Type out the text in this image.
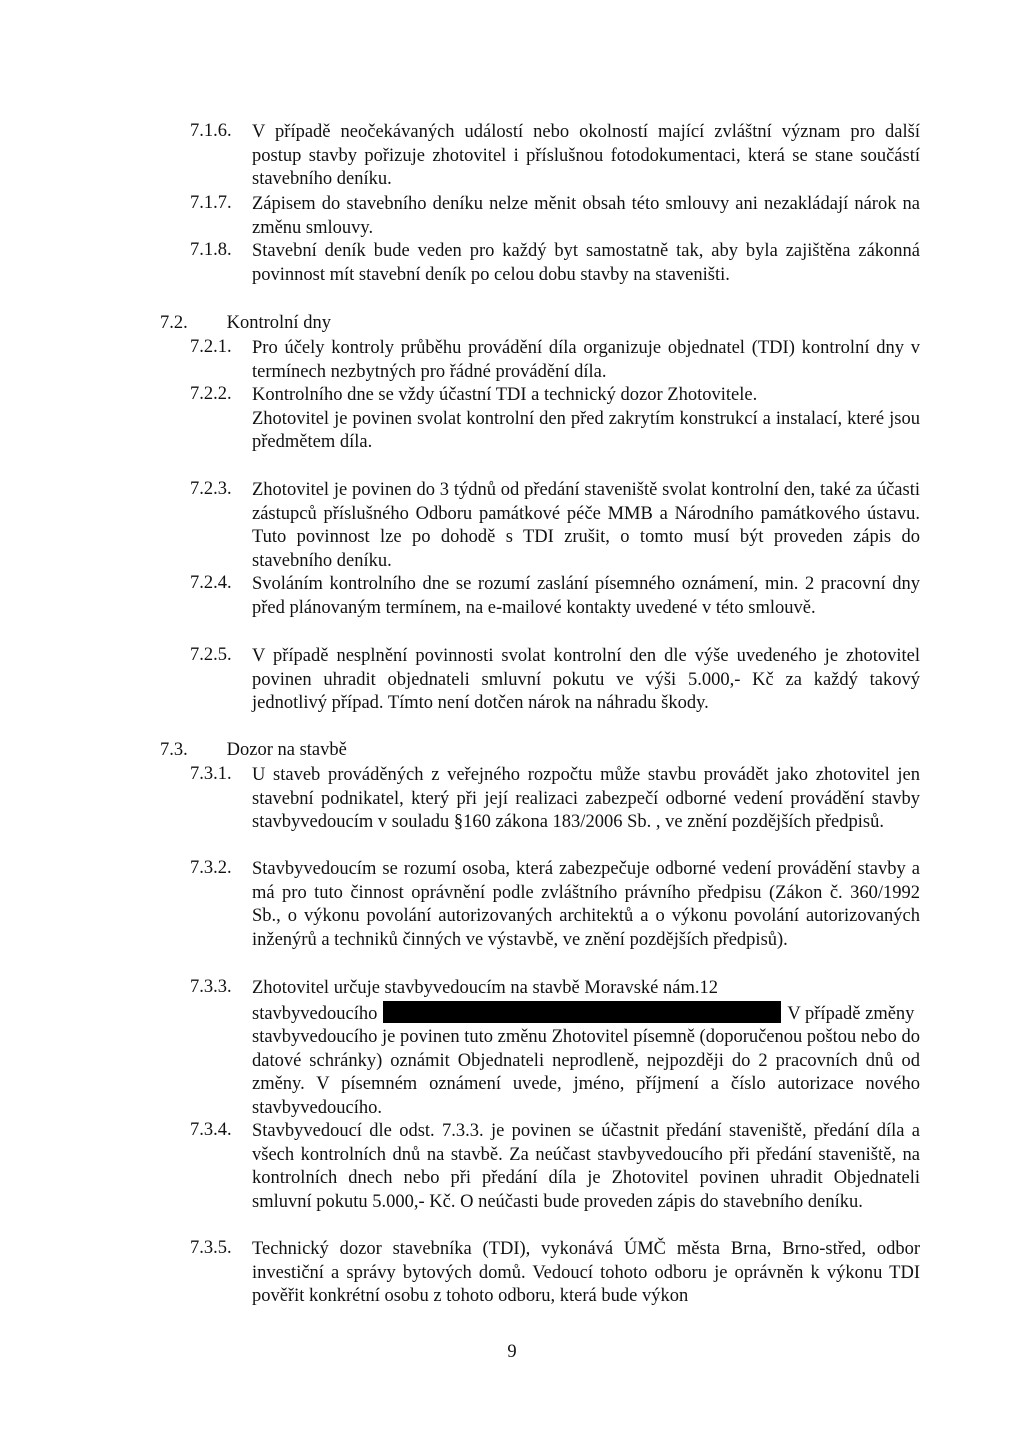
7.1.6.	V případě neočekávaných událostí nebo okolností mající zvláštní význam pro další postup stavby pořizuje zhotovitel i příslušnou fotodokumentaci, která se stane součástí stavebního deníku.
7.1.7.	Zápisem do stavebního deníku nelze měnit obsah této smlouvy ani nezakládají nárok na změnu smlouvy.
7.1.8.	Stavební deník bude veden pro každý byt samostatně tak, aby byla zajištěna zákonná povinnost mít stavební deník po celou dobu stavby na staveništi.
7.2. Kontrolní dny
7.2.1.	Pro účely kontroly průběhu provádění díla organizuje objednatel (TDI) kontrolní dny v termínech nezbytných pro řádné provádění díla.
7.2.2.	Kontrolního dne se vždy účastní TDI a technický dozor Zhotovitele.
Zhotovitel je povinen svolat kontrolní den před zakrytím konstrukcí a instalací, které jsou předmětem díla.
7.2.3.	Zhotovitel je povinen do 3 týdnů od předání staveniště svolat kontrolní den, také za účasti zástupců příslušného Odboru památkové péče MMB a Národního památkového ústavu. Tuto povinnost lze po dohodě s TDI zrušit, o tomto musí být proveden zápis do stavebního deníku.
7.2.4.	Svoláním kontrolního dne se rozumí zaslání písemného oznámení, min. 2 pracovní dny před plánovaným termínem, na e-mailové kontakty uvedené v této smlouvě.
7.2.5.	V případě nesplnění povinnosti svolat kontrolní den dle výše uvedeného je zhotovitel povinen uhradit objednateli smluvní pokutu ve výši 5.000,- Kč za každý takový jednotlivý případ. Tímto není dotčen nárok na náhradu škody.
7.3. Dozor na stavbě
7.3.1.	U staveb prováděných z veřejného rozpočtu může stavbu provádět jako zhotovitel jen stavební podnikatel, který při její realizaci zabezpečí odborné vedení provádění stavby stavbyvedoucím v souladu §160 zákona 183/2006 Sb. , ve znění pozdějších předpisů.
7.3.2.	Stavbyvedoucím se rozumí osoba, která zabezpečuje odborné vedení provádění stavby a má pro tuto činnost oprávnění podle zvláštního právního předpisu (Zákon č. 360/1992 Sb., o výkonu povolání autorizovaných architektů a o výkonu povolání autorizovaných inženýrů a techniků činných ve výstavbě, ve znění pozdějších předpisů).
7.3.3.	Zhotovitel určuje stavbyvedoucím na stavbě Moravské nám.12
stavbyvedoucího	V případě změny
stavbyvedoucího je povinen tuto změnu Zhotovitel písemně (doporučenou poštou nebo do datové schránky) oznámit Objednateli neprodleně, nejpozději do 2 pracovních dnů od změny. V písemném oznámení uvede, jméno, příjmení a číslo autorizace nového stavbyvedoucího.
7.3.4.	Stavbyvedoucí dle odst. 7.3.3. je povinen se účastnit předání staveniště, předání díla a všech kontrolních dnů na stavbě. Za neúčast stavbyvedoucího při předání staveniště, na kontrolních dnech nebo při předání díla je Zhotovitel povinen uhradit Objednateli smluvní pokutu 5.000,- Kč. O neúčasti bude proveden zápis do stavebního deníku.
7.3.5.	Technický dozor stavebníka (TDI), vykonává ÚMČ města Brna, Brno-střed, odbor investiční a správy bytových domů. Vedoucí tohoto odboru je oprávněn k výkonu TDI pověřit konkrétní osobu z tohoto odboru, která bude výkon
9
